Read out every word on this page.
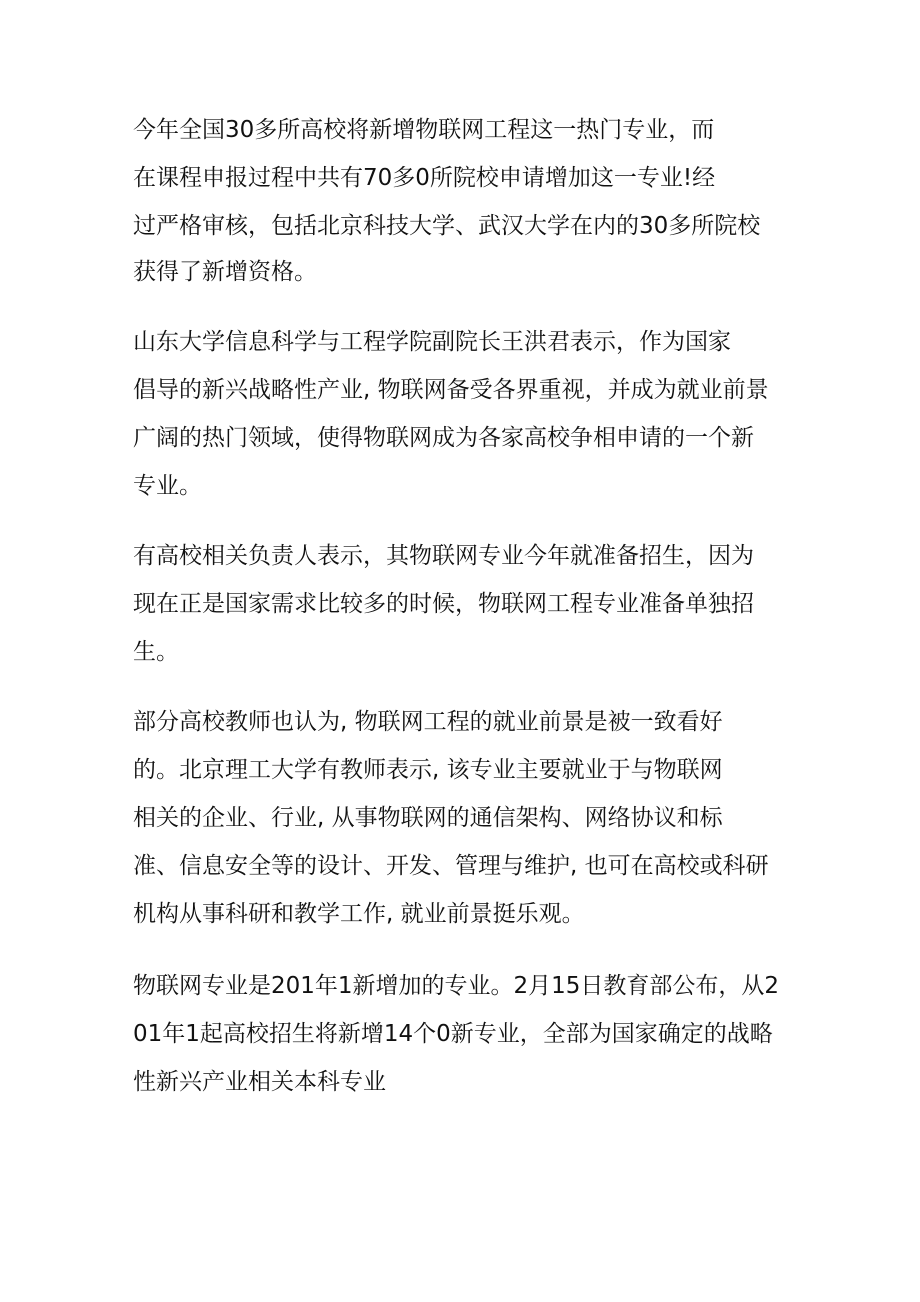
今年全国30多所高校将新增物联网工程这一热门专业，而
在课程申报过程中共有70多0所院校申请增加这一专业!经
过严格审核，包括北京科技大学、武汉大学在内的30多所院校
获得了新增资格。
山东大学信息科学与工程学院副院长王洪君表示，作为国家
倡导的新兴战略性产业, 物联网备受各界重视，并成为就业前景
广阔的热门领域，使得物联网成为各家高校争相申请的一个新
专业。
有高校相关负责人表示，其物联网专业今年就准备招生，因为
现在正是国家需求比较多的时候，物联网工程专业准备单独招
生。
部分高校教师也认为, 物联网工程的就业前景是被一致看好
的。北京理工大学有教师表示, 该专业主要就业于与物联网
相关的企业、行业, 从事物联网的通信架构、网络协议和标
准、信息安全等的设计、开发、管理与维护, 也可在高校或科研
机构从事科研和教学工作, 就业前景挺乐观。
物联网专业是201年1新增加的专业。2月15日教育部公布，从2
01年1起高校招生将新增14个0新专业，全部为国家确定的战略
性新兴产业相关本科专业
